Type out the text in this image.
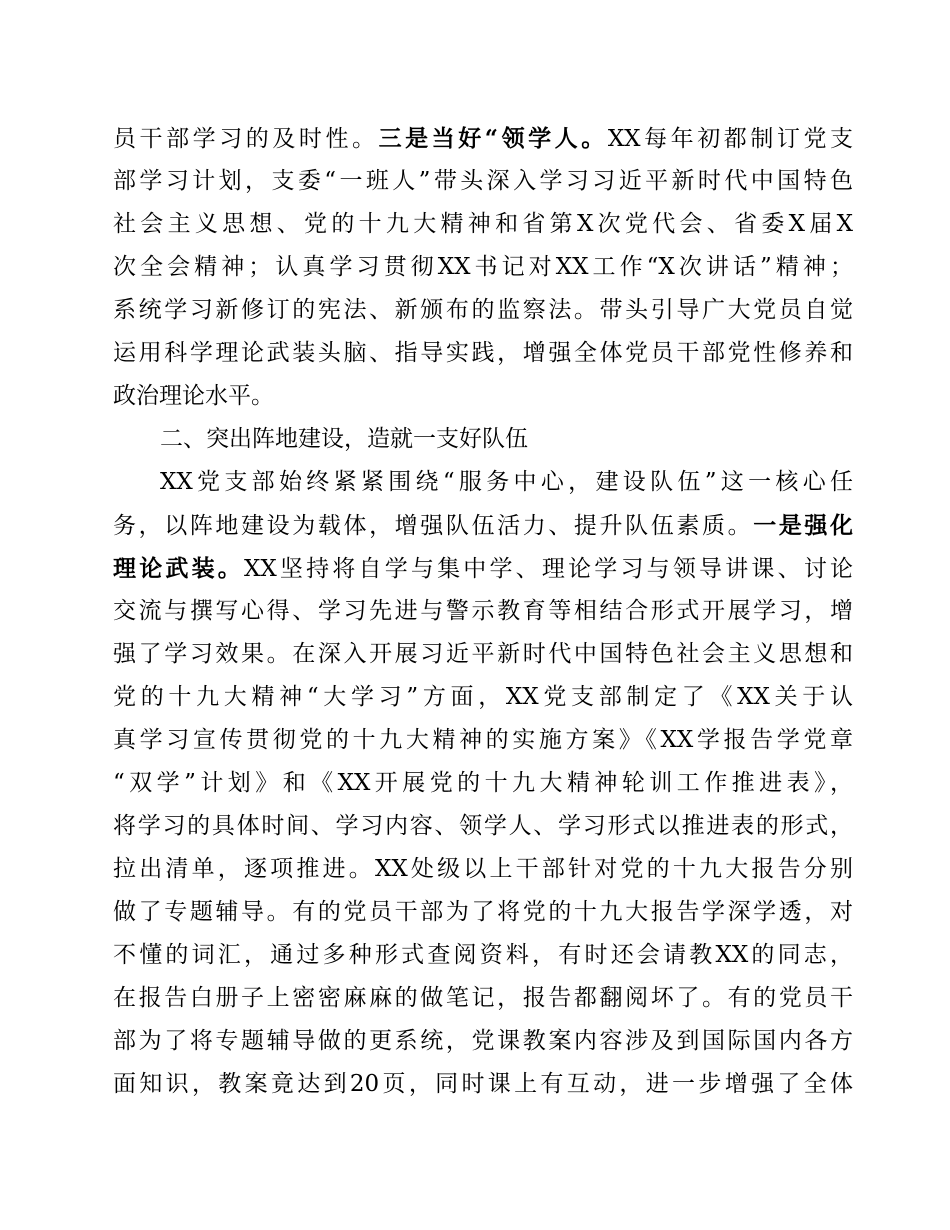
员干部学习的及时性。三是当好“领学人。XX每年初都制订党支
部学习计划，支委“一班人”带头深入学习习近平新时代中国特色
社会主义思想、党的十九大精神和省第X次党代会、省委X届X
次全会精神；认真学习贯彻XX书记对XX工作“X次讲话”精神；
系统学习新修订的宪法、新颁布的监察法。带头引导广大党员自觉
运用科学理论武装头脑、指导实践，增强全体党员干部党性修养和
政治理论水平。
二、突出阵地建设，造就一支好队伍
XX党支部始终紧紧围绕“服务中心，建设队伍”这一核心任
务，以阵地建设为载体，增强队伍活力、提升队伍素质。一是强化
理论武装。XX坚持将自学与集中学、理论学习与领导讲课、讨论
交流与撰写心得、学习先进与警示教育等相结合形式开展学习，增
强了学习效果。在深入开展习近平新时代中国特色社会主义思想和
党的十九大精神“大学习”方面，XX党支部制定了《XX关于认
真学习宣传贯彻党的十九大精神的实施方案》《XX学报告学党章
“双学”计划》和《XX开展党的十九大精神轮训工作推进表》，
将学习的具体时间、学习内容、领学人、学习形式以推进表的形式，
拉出清单，逐项推进。XX处级以上干部针对党的十九大报告分别
做了专题辅导。有的党员干部为了将党的十九大报告学深学透，对
不懂的词汇，通过多种形式查阅资料，有时还会请教XX的同志，
在报告白册子上密密麻麻的做笔记，报告都翻阅坏了。有的党员干
部为了将专题辅导做的更系统，党课教案内容涉及到国际国内各方
面知识，教案竟达到20页，同时课上有互动，进一步增强了全体
